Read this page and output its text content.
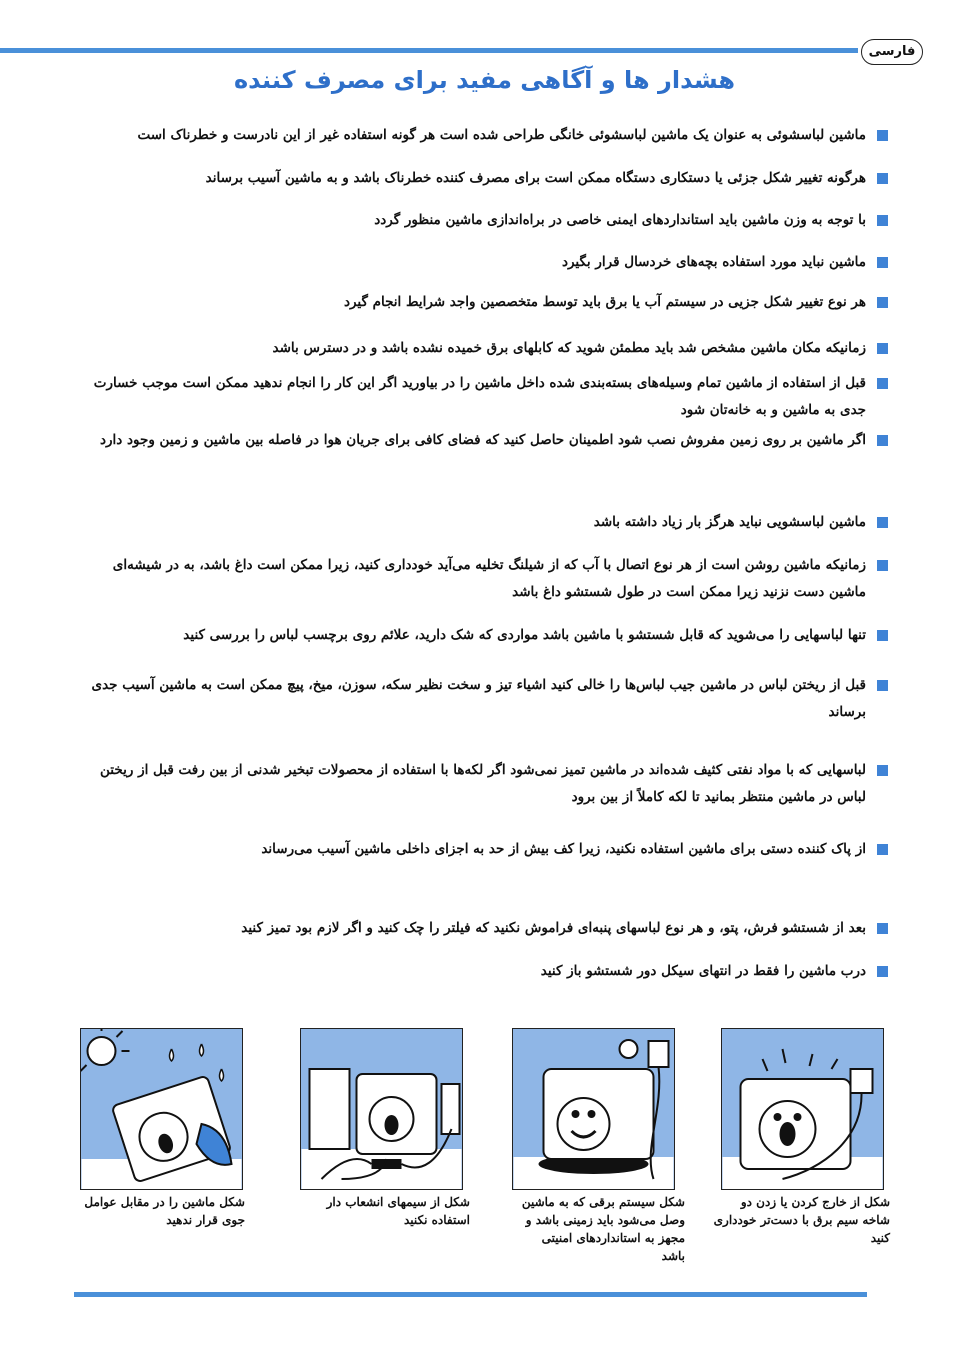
فارسی
هشدار ها و آگاهی مفید برای مصرف کننده
ماشین لباسشوئی به عنوان یک ماشین لباسشوئی خانگی طراحی شده است هر گونه استفاده غیر از این نادرست و خطرناک است
هرگونه تغییر شکل جزئی یا دستکاری دستگاه ممکن است برای مصرف کننده خطرناک باشد و به ماشین آسیب برساند
با توجه به وزن ماشین باید استانداردهای ایمنی خاصی در براه‌اندازی ماشین منظور گردد
ماشین نباید مورد استفاده بچه‌های خردسال قرار بگیرد
هر نوع تغییر شکل جزیی در سیستم آب یا برق باید توسط متخصصین واجد شرایط انجام گیرد
زمانیکه مکان ماشین مشخص شد باید مطمئن شوید که کابلهای برق خمیده نشده باشد و در دسترس باشد
قبل از استفاده از ماشین تمام وسیله‌های بسته‌بندی شده داخل ماشین را در بیاورید اگر این کار را انجام ندهید ممکن است موجب خسارت جدی به ماشین و به خانه‌تان شود
اگر ماشین بر روی زمین مفروش نصب شود اطمینان حاصل کنید که فضای کافی برای جریان هوا در فاصله بین ماشین و زمین وجود دارد
ماشین لباسشویی نباید هرگز بار زیاد داشته باشد
زمانیکه ماشین روشن است از هر نوع اتصال با آب که از شیلنگ تخلیه می‌آید خودداری کنید، زیرا ممکن است داغ باشد، به در شیشه‌ای ماشین دست نزنید زیرا ممکن است در طول شستشو داغ باشد
تنها لباسهایی را می‌شوید که قابل شستشو با ماشین باشد مواردی که شک دارید، علائم روی برچسب لباس را بررسی کنید
قبل از ریختن لباس در ماشین جیب لباس‌ها را خالی کنید اشیاء تیز و سخت نظیر سکه، سوزن، میخ، پیچ ممکن است به ماشین آسیب جدی برساند
لباسهایی که با مواد نفتی کثیف شده‌اند در ماشین تمیز نمی‌شود اگر لکه‌ها با استفاده از محصولات تبخیر شدنی از بین رفت قبل از ریختن لباس در ماشین منتظر بمانید تا لکه کاملاً از بین برود
از پاک کننده دستی برای ماشین استفاده نکنید، زیرا کف بیش از حد به اجزای داخلی ماشین آسیب می‌رساند
بعد از شستشو فرش، پتو، و هر نوع لباسهای پنبه‌ای فراموش نکنید که فیلتر را چک کنید و اگر لازم بود تمیز کنید
درب ماشین را فقط در انتهای سیکل دور شستشو باز کنید
شکل از خارج کردن یا زدن دو شاخه سیم برق با دست‌تر خودداری کنید
شکل سیستم برقی که به ماشین وصل می‌شود باید زمینی باشد و مجهز به استانداردهای امنیتی باشد
شکل از سیمهای انشعاب دار استفاده نکنید
شکل ماشین را در مقابل عوامل جوی قرار ندهید
